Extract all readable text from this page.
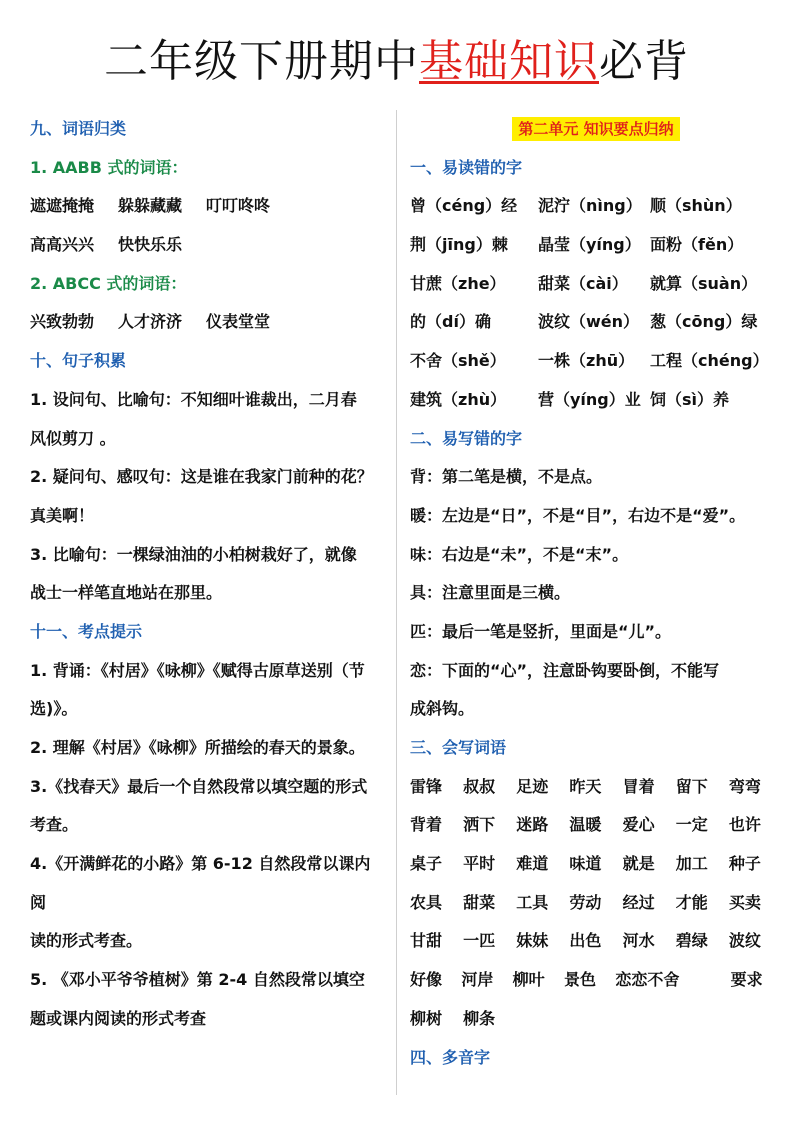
二年级下册期中基础知识必背
九、词语归类
1. AABB 式的词语：
遮遮掩掩 躲躲藏藏 叮叮咚咚
高高兴兴 快快乐乐
2. ABCC 式的词语：
兴致勃勃 人才济济 仪表堂堂
十、句子积累
1. 设问句、比喻句：不知细叶谁裁出，二月春
风似剪刀 。
2. 疑问句、感叹句：这是谁在我家门前种的花？
真美啊！
3. 比喻句：一棵绿油油的小柏树栽好了，就像
战士一样笔直地站在那里。
十一、考点提示
1. 背诵：《村居》《咏柳》《赋得古原草送别（节
选)》。
2. 理解《村居》《咏柳》所描绘的春天的景象。
3.《找春天》最后一个自然段常以填空题的形式
考查。
4.《开满鲜花的小路》第 6-12 自然段常以课内
阅
读的形式考查。
5. 《邓小平爷爷植树》第 2-4 自然段常以填空
题或课内阅读的形式考查
第二单元 知识要点归纳
一、易读错的字
曾（céng）经	泥泞（nìng） 顺（shùn）
荆（jīng）棘	晶莹（yíng） 面粉（fěn）
甘蔗（zhe）	甜菜（cài）	就算（suàn）
的（dí）确	波纹（wén） 葱（cōng）绿
不舍（shě）	一株（zhū） 工程（chéng）
建筑（zhù）	营（yíng）业 饲（sì）养
二、易写错的字
背：第二笔是横，不是点。
暖：左边是“日”，不是“目”，右边不是“爱”。
味：右边是“未”，不是“末”。
具：注意里面是三横。
匹：最后一笔是竖折，里面是“儿”。
恋：下面的“心”，注意卧钩要卧倒，不能写
成斜钩。
三、会写词语
雷锋	叔叔	足迹	昨天	冒着	留下	弯弯
背着	洒下	迷路	温暖	爱心	一定	也许
桌子	平时	难道	味道	就是	加工	种子
农具	甜菜	工具	劳动	经过	才能	买卖
甘甜	一匹	妹妹	出色	河水	碧绿	波纹
好像	河岸	柳叶	景色	恋恋不舍	要求
柳树	柳条
四、多音字
